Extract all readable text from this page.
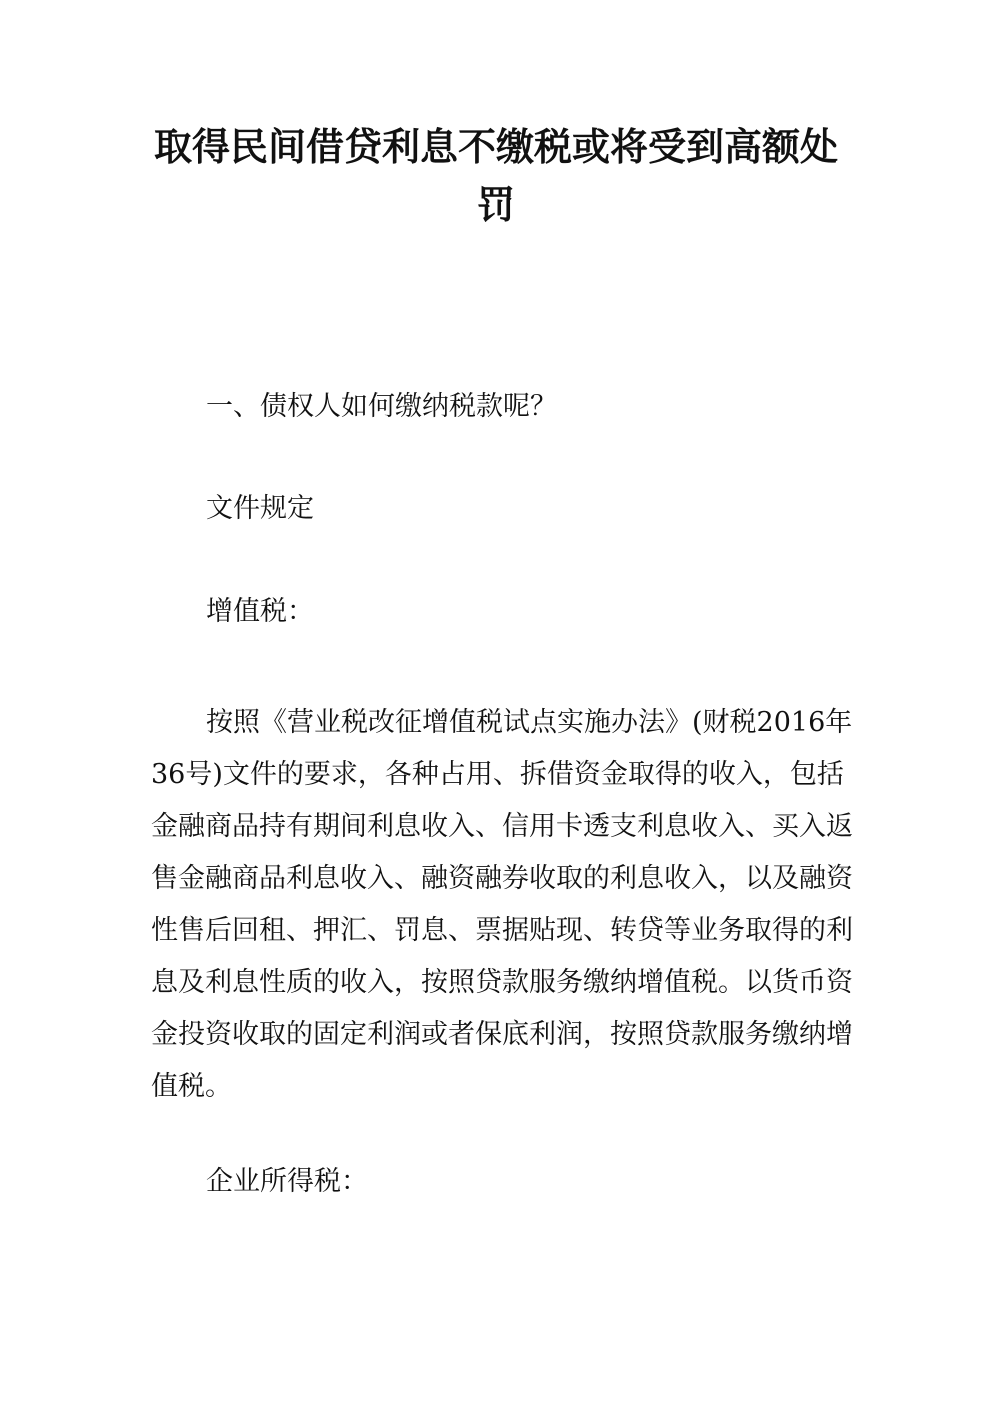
取得民间借贷利息不缴税或将受到高额处罚

一、债权人如何缴纳税款呢？

文件规定

增值税：

按照《营业税改征增值税试点实施办法》(财税2016年
36号)文件的要求，各种占用、拆借资金取得的收入，包括
金融商品持有期间利息收入、信用卡透支利息收入、买入返
售金融商品利息收入、融资融券收取的利息收入，以及融资
性售后回租、押汇、罚息、票据贴现、转贷等业务取得的利
息及利息性质的收入，按照贷款服务缴纳增值税。以货币资
金投资收取的固定利润或者保底利润，按照贷款服务缴纳增
值税。

企业所得税：
